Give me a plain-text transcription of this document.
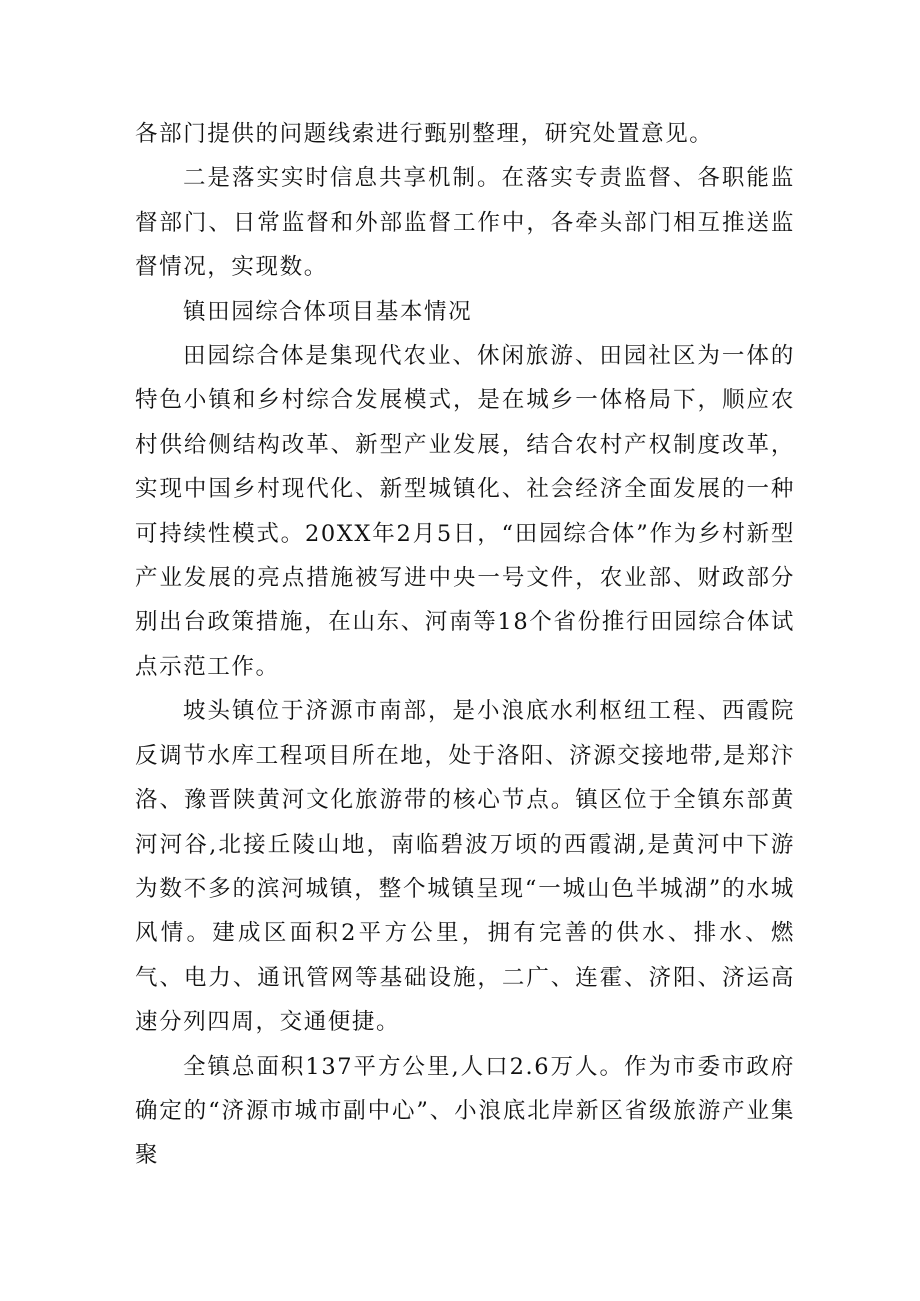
各部门提供的问题线索进行甄别整理，研究处置意见。

二是落实实时信息共享机制。在落实专责监督、各职能监督部门、日常监督和外部监督工作中，各牵头部门相互推送监督情况，实现数。

镇田园综合体项目基本情况

田园综合体是集现代农业、休闲旅游、田园社区为一体的特色小镇和乡村综合发展模式，是在城乡一体格局下，顺应农村供给侧结构改革、新型产业发展，结合农村产权制度改革，实现中国乡村现代化、新型城镇化、社会经济全面发展的一种可持续性模式。20XX年2月5日，“田园综合体”作为乡村新型产业发展的亮点措施被写进中央一号文件，农业部、财政部分别出台政策措施，在山东、河南等18个省份推行田园综合体试点示范工作。

坡头镇位于济源市南部，是小浪底水利枢纽工程、西霞院反调节水库工程项目所在地，处于洛阳、济源交接地带,是郑汴洛、豫晋陕黄河文化旅游带的核心节点。镇区位于全镇东部黄河河谷,北接丘陵山地，南临碧波万顷的西霞湖,是黄河中下游为数不多的滨河城镇，整个城镇呈现“一城山色半城湖”的水城风情。建成区面积2平方公里，拥有完善的供水、排水、燃气、电力、通讯管网等基础设施，二广、连霍、济阳、济运高速分列四周，交通便捷。

全镇总面积137平方公里,人口2.6万人。作为市委市政府确定的“济源市城市副中心”、小浪底北岸新区省级旅游产业集聚
